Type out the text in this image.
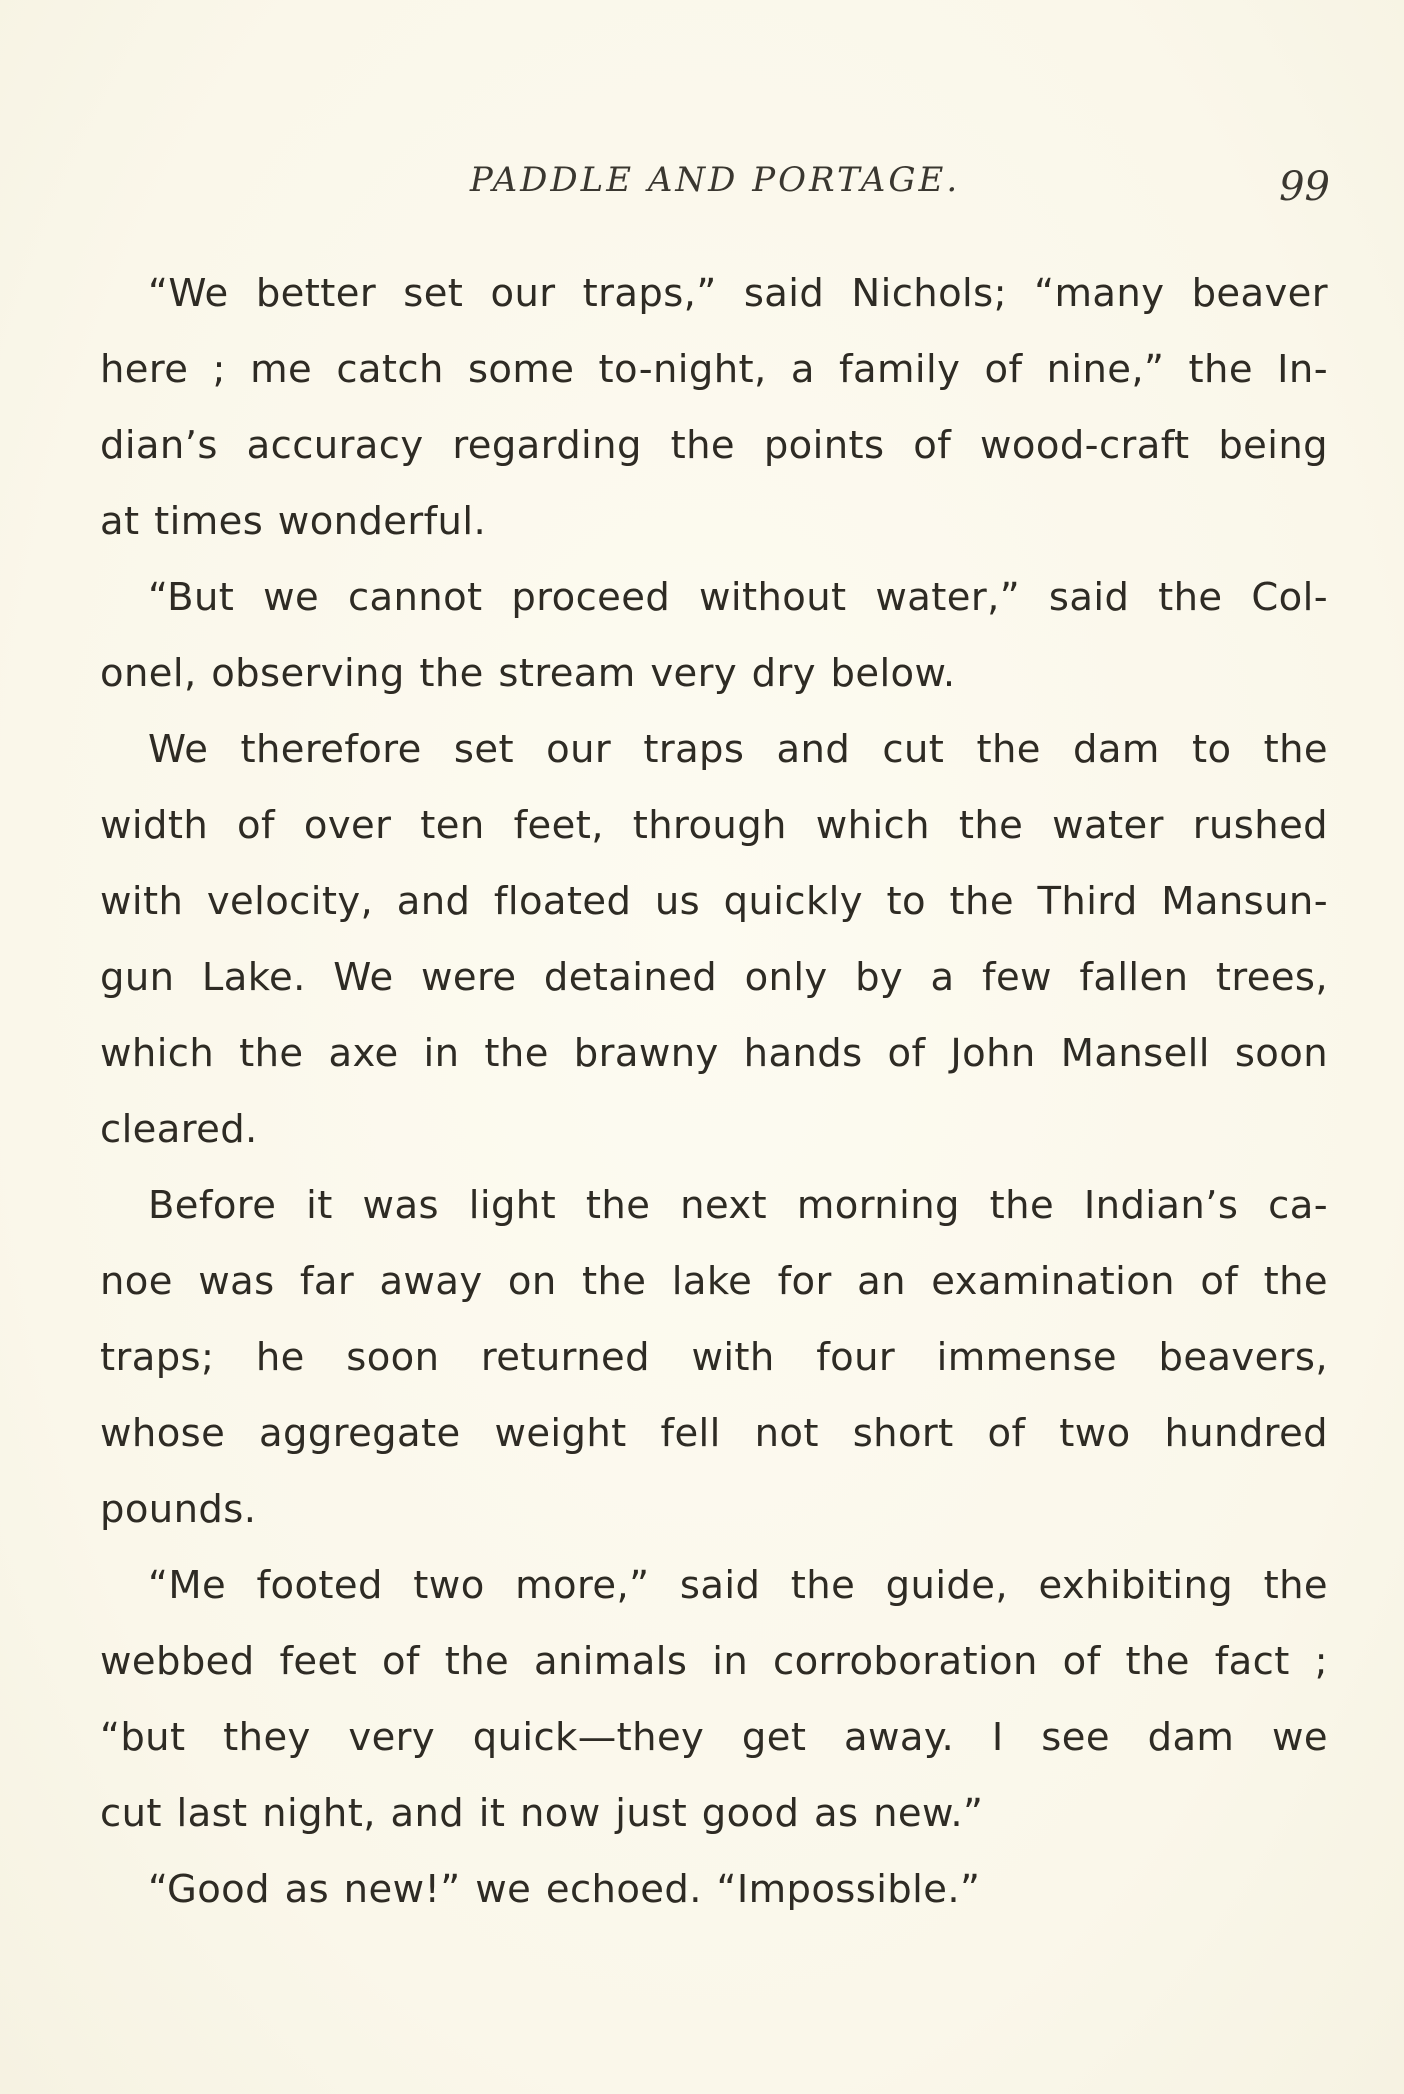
PADDLE AND PORTAGE.	99
“We better set our traps,” said Nichols; “many beaver
here ; me catch some to-night, a family of nine,” the In-
dian’s accuracy regarding the points of wood-craft being
at times wonderful.
“But we cannot proceed without water,” said the Col-
onel, observing the stream very dry below.
We therefore set our traps and cut the dam to the
width of over ten feet, through which the water rushed
with velocity, and floated us quickly to the Third Mansun-
gun Lake. We were detained only by a few fallen trees,
which the axe in the brawny hands of John Mansell soon
cleared.
Before it was light the next morning the Indian’s ca-
noe was far away on the lake for an examination of the
traps; he soon returned with four immense beavers,
whose aggregate weight fell not short of two hundred
pounds.
“Me footed two more,” said the guide, exhibiting the
webbed feet of the animals in corroboration of the fact ;
“but they very quick—they get away. I see dam we
cut last night, and it now just good as new.”
“Good as new!” we echoed. “Impossible.”
